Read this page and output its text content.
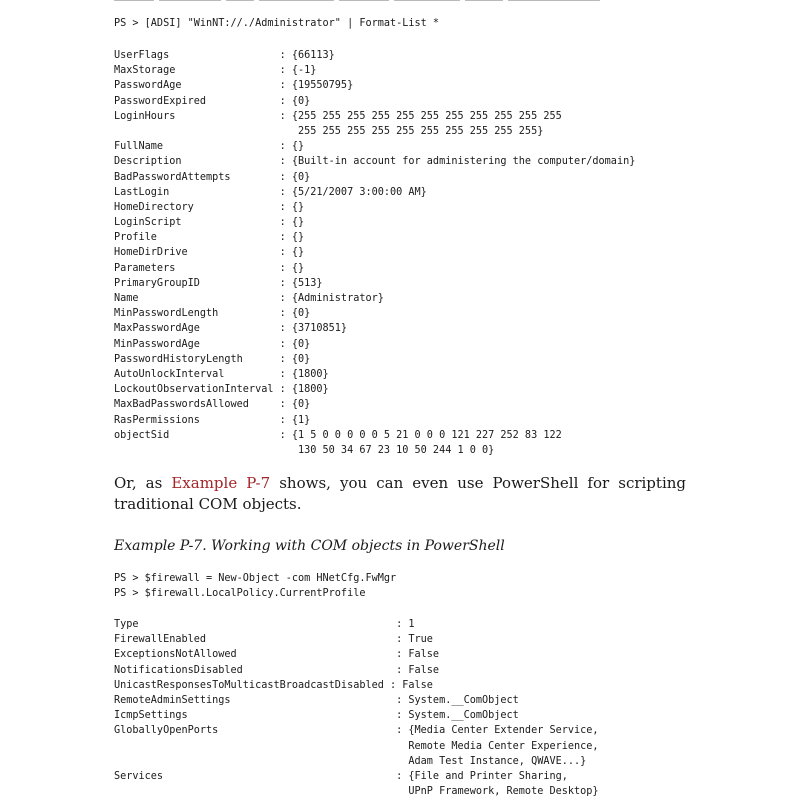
PS > [ADSI] "WinNT://./Administrator" | Format-List *
UserFlags                  : {66113}
MaxStorage                 : {-1}
PasswordAge                : {19550795}
PasswordExpired            : {0}
LoginHours                 : {255 255 255 255 255 255 255 255 255 255 255
255 255 255 255 255 255 255 255 255 255}
FullName                   : {}
Description                : {Built-in account for administering the computer/domain}
BadPasswordAttempts        : {0}
LastLogin                  : {5/21/2007 3:00:00 AM}
HomeDirectory              : {}
LoginScript                : {}
Profile                    : {}
HomeDirDrive               : {}
Parameters                 : {}
PrimaryGroupID             : {513}
Name                       : {Administrator}
MinPasswordLength          : {0}
MaxPasswordAge             : {3710851}
MinPasswordAge             : {0}
PasswordHistoryLength      : {0}
AutoUnlockInterval         : {1800}
LockoutObservationInterval : {1800}
MaxBadPasswordsAllowed     : {0}
RasPermissions             : {1}
objectSid                  : {1 5 0 0 0 0 0 5 21 0 0 0 121 227 252 83 122
130 50 34 67 23 10 50 244 1 0 0}

Or, as Example P-7 shows, you can even use PowerShell for scripting traditional COM objects.

Example P-7. Working with COM objects in PowerShell

PS > $firewall = New-Object -com HNetCfg.FwMgr
PS > $firewall.LocalPolicy.CurrentProfile
Type                                          : 1
FirewallEnabled                               : True
ExceptionsNotAllowed                          : False
NotificationsDisabled                         : False
UnicastResponsesToMulticastBroadcastDisabled : False
RemoteAdminSettings                           : System.__ComObject
IcmpSettings                                  : System.__ComObject
GloballyOpenPorts                             : {Media Center Extender Service,
Remote Media Center Experience,
Adam Test Instance, QWAVE...}
Services                                      : {File and Printer Sharing,
UPnP Framework, Remote Desktop}
